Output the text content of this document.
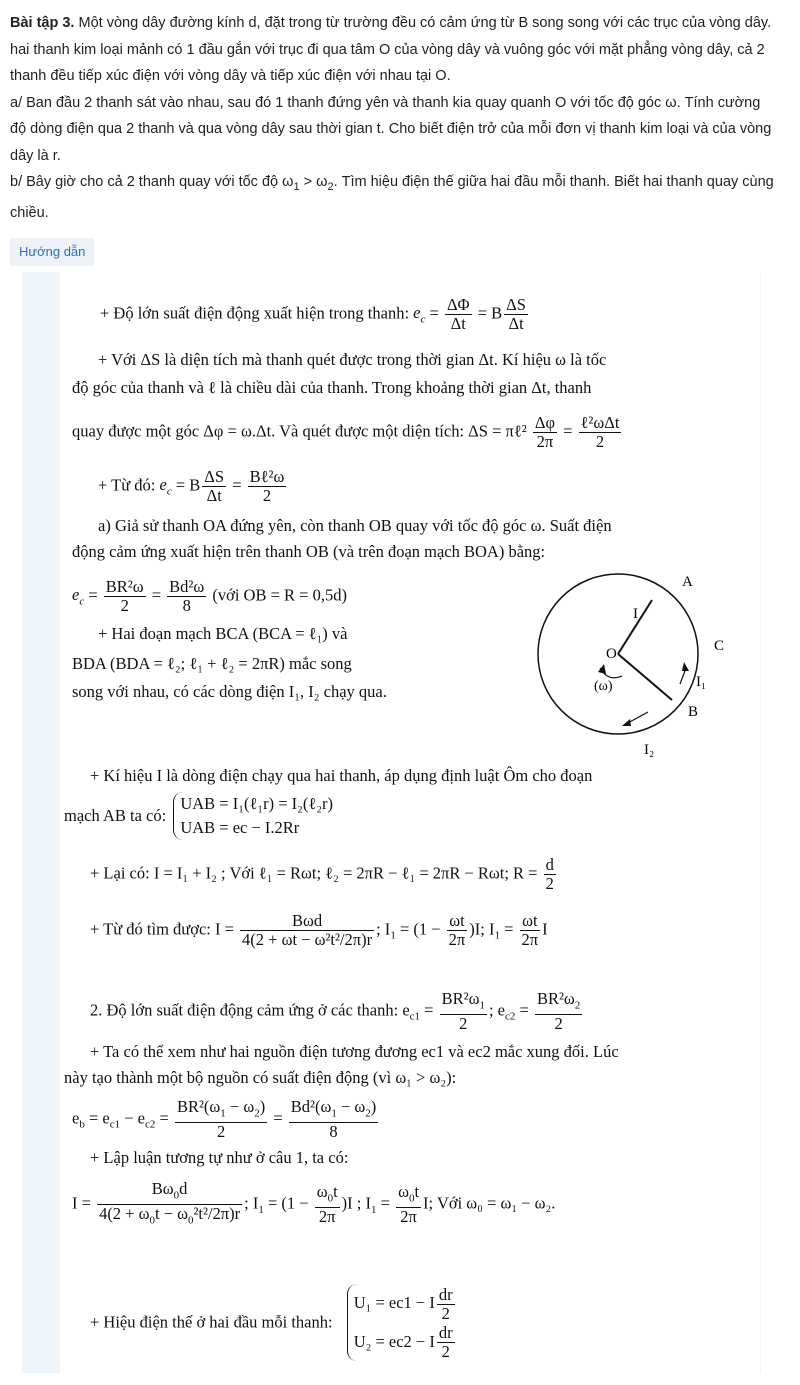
Bài tập 3. Một vòng dây đường kính d, đặt trong từ trường đều có cảm ứng từ B song song với các trục của vòng dây. hai thanh kim loại mảnh có 1 đầu gắn với trục đi qua tâm O của vòng dây và vuông góc với mặt phẳng vòng dây, cả 2 thanh đều tiếp xúc điện với vòng dây và tiếp xúc điện với nhau tại O.

a/ Ban đầu 2 thanh sát vào nhau, sau đó 1 thanh đứng yên và thanh kia quay quanh O với tốc độ góc ω. Tính cường độ dòng điện qua 2 thanh và qua vòng dây sau thời gian t. Cho biết điện trở của mỗi đơn vị thanh kim loại và của vòng dây là r.

b/ Bây giờ cho cả 2 thanh quay với tốc độ $\omega_1 > \omega_2$. Tìm hiệu điện thế giữa hai đầu mỗi thanh. Biết hai thanh quay cùng chiều.

Hướng dẫn
+ Độ lớn suất điện động xuất hiện trong thanh: $e_c = \frac{\Delta\Phi}{\Delta t} = B \frac{\Delta S}{\Delta t}$
+ Với ΔS là diện tích mà thanh quét được trong thời gian Δt. Kí hiệu ω là tốc
độ góc của thanh và ℓ là chiều dài của thanh. Trong khoảng thời gian Δt, thanh
quay được một góc Δφ = ω.Δt. Và quét được một diện tích: ΔS = πℓ² $\frac{\Delta\varphi}{2\pi} = \frac{\text{ℓ²ωΔt}}{2}$
+ Từ đó: $e_c = B \frac{\Delta S}{\Delta t} = \frac{\text{Bℓ²ω}}{2}$
a) Giả sử thanh OA đứng yên, còn thanh OB quay với tốc độ góc ω. Suất điện
động cảm ứng xuất hiện trên thanh OB (và trên đoạn mạch BOA) bằng:
$e_c = \frac{\text{BR²ω}}{2} = \frac{\text{Bd²ω}}{8}$ (với OB = R = 0,5d)
+ Hai đoạn mạch BCA (BCA = ℓ₁) và
BDA (BDA = ℓ₂; ℓ₁ + ℓ₂ = 2πR) mắc song
song với nhau, có các dòng điện I₁, I₂ chạy qua.
A
C
I
O
(ω)	I₁
B
I₂
+ Kí hiệu I là dòng điện chạy qua hai thanh, áp dụng định luật Ôm cho đoạn
mạch AB ta có:
UAB = I₁(ℓ₁r) = I₂(ℓ₂r)
UAB = ec − I.2Rr
+ Lại có: I = I₁ + I₂ ; Với ℓ₁ = Rωt; ℓ₂ = 2πR − ℓ₁ = 2πR − Rωt; $R = \frac{d}{2}$
+ Từ đó tìm được: $I = \frac{\text{Bωd}}{\text{4(2 + ωt − ω²t²/2π)r}}$ ; $I_1 = (1 - \frac{\omega t}{2\pi} )I$; $I_1 = \frac{\omega t}{2\pi}$ I
2. Độ lớn suất điện động cảm ứng ở các thanh: $e_{c1} = \frac{BR^2\omega_1}{2}$ ; $e_{c2} = \frac{BR^2\omega_2}{2}$
+ Ta có thể xem như hai nguồn điện tương đương ec1 và ec2 mắc xung đối. Lúc
này tạo thành một bộ nguồn có suất điện động (vì ω₁ > ω₂):
$e_b = e_{c1} - e_{c2} = \frac{BR^2(\omega_1 - \omega_2)}{2} = \frac{Bd^2(\omega_1 - \omega_2)}{8}$
+ Lập luận tương tự như ở câu 1, ta có:
$I = \frac{B\omega_0d}{4(2 + \omega_0t - \omega_0^2t^2/2\pi)r}$ ; $I_1 = (1 - \frac{\omega_0t}{2\pi} )I$ ; $I_1 = \frac{\omega_0t}{2\pi} I$; Với ω₀ = ω₁ − ω₂.
+ Hiệu điện thế ở hai đầu mỗi thanh:
U₁ = ec1 − I $\frac{dr}{2}$
U₂ = ec2 − I $\frac{dr}{2}$
